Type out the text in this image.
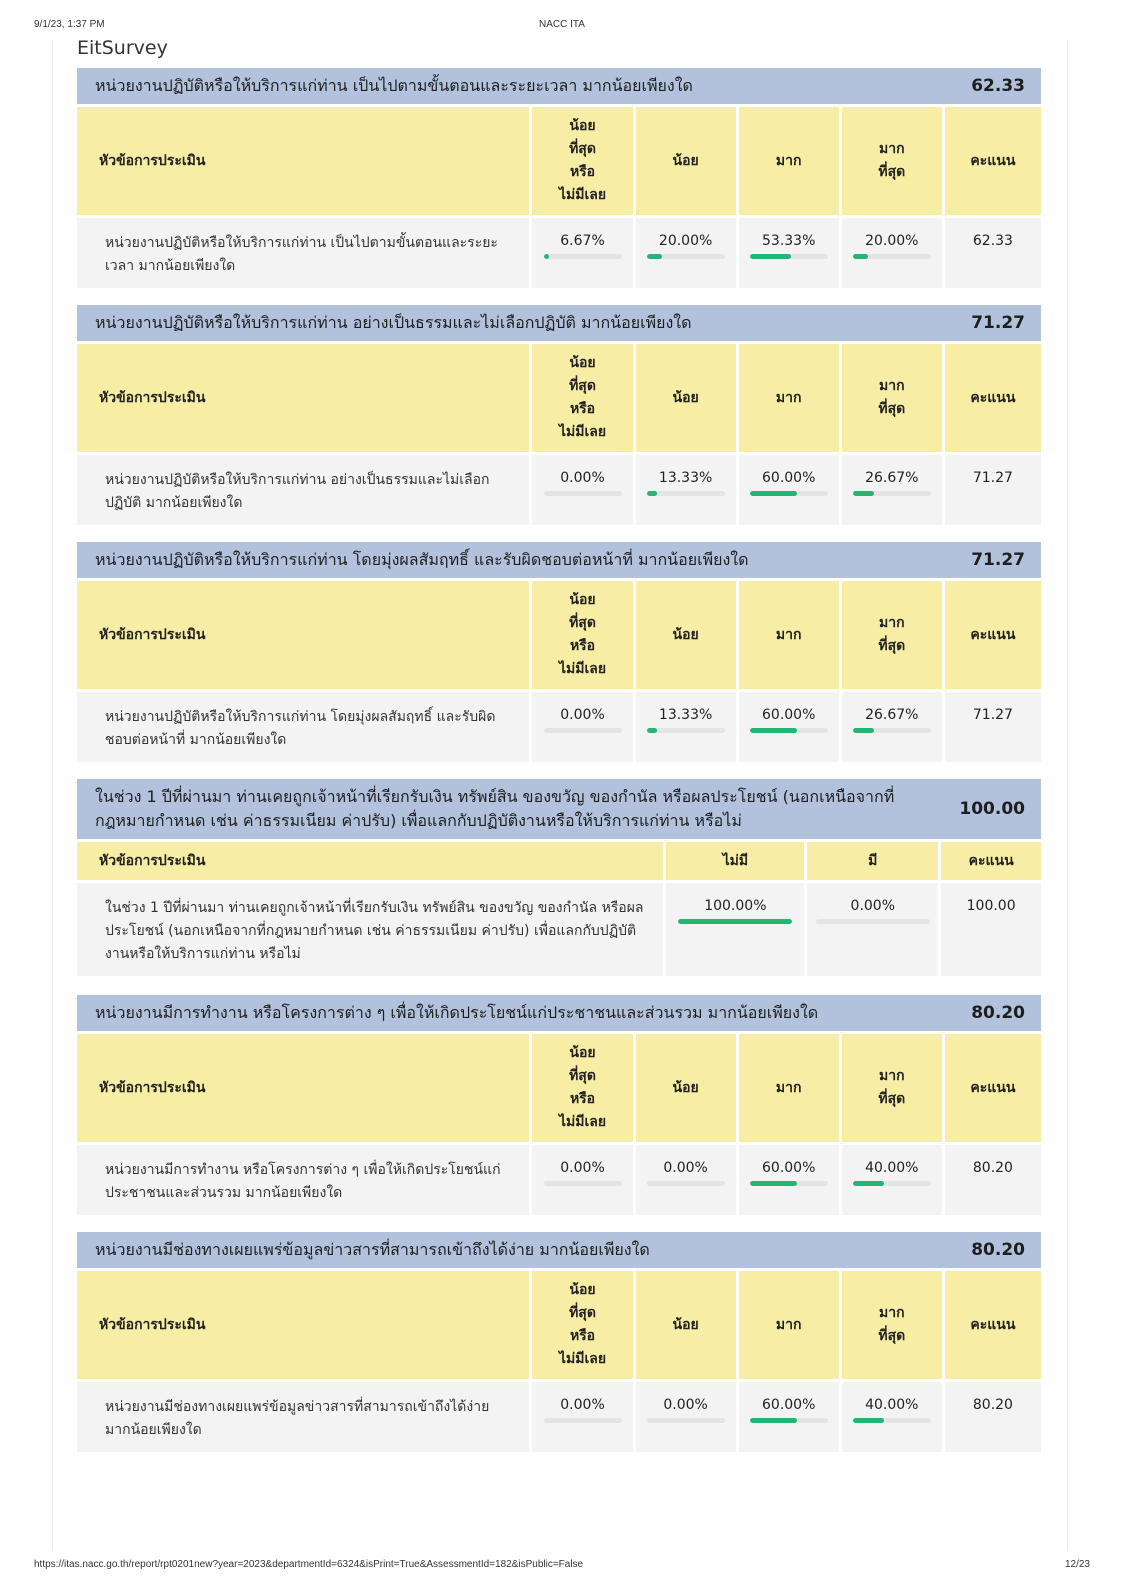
9/1/23, 1:37 PM	NACC ITA
EitSurvey
หน่วยงานปฏิบัติหรือให้บริการแก่ท่าน เป็นไปตามขั้นตอนและระยะเวลา มากน้อยเพียงใด	62.33
หัวข้อการประเมิน	น้อย
ที่สุด
หรือ
ไม่มีเลย	น้อย	มาก	มาก
ที่สุด	คะแนน
หน่วยงานปฏิบัติหรือให้บริการแก่ท่าน เป็นไปตามขั้นตอนและระยะเวลา มากน้อยเพียงใด	6.67%	20.00%	53.33%	20.00%	62.33
หน่วยงานปฏิบัติหรือให้บริการแก่ท่าน อย่างเป็นธรรมและไม่เลือกปฏิบัติ มากน้อยเพียงใด	71.27
หัวข้อการประเมิน	น้อย
ที่สุด
หรือ
ไม่มีเลย	น้อย	มาก	มาก
ที่สุด	คะแนน
หน่วยงานปฏิบัติหรือให้บริการแก่ท่าน อย่างเป็นธรรมและไม่เลือกปฏิบัติ มากน้อยเพียงใด	0.00%	13.33%	60.00%	26.67%	71.27
หน่วยงานปฏิบัติหรือให้บริการแก่ท่าน โดยมุ่งผลสัมฤทธิ์ และรับผิดชอบต่อหน้าที่ มากน้อยเพียงใด	71.27
หัวข้อการประเมิน	น้อย
ที่สุด
หรือ
ไม่มีเลย	น้อย	มาก	มาก
ที่สุด	คะแนน
หน่วยงานปฏิบัติหรือให้บริการแก่ท่าน โดยมุ่งผลสัมฤทธิ์ และรับผิดชอบต่อหน้าที่ มากน้อยเพียงใด	0.00%	13.33%	60.00%	26.67%	71.27
ในช่วง 1 ปีที่ผ่านมา ท่านเคยถูกเจ้าหน้าที่เรียกรับเงิน ทรัพย์สิน ของขวัญ ของกำนัล หรือผลประโยชน์ (นอกเหนือจากที่กฎหมายกำหนด เช่น ค่าธรรมเนียม ค่าปรับ) เพื่อแลกกับปฏิบัติงานหรือให้บริการแก่ท่าน หรือไม่
100.00
หัวข้อการประเมิน	ไม่มี	มี	คะแนน
ในช่วง 1 ปีที่ผ่านมา ท่านเคยถูกเจ้าหน้าที่เรียกรับเงิน ทรัพย์สิน ของขวัญ ของกำนัล หรือผลประโยชน์ (นอกเหนือจากที่กฎหมายกำหนด เช่น ค่าธรรมเนียม ค่าปรับ) เพื่อแลกกับปฏิบัติงานหรือให้บริการแก่ท่าน หรือไม่	100.00%	0.00%	100.00
หน่วยงานมีการทำงาน หรือโครงการต่าง ๆ เพื่อให้เกิดประโยชน์แก่ประชาชนและส่วนรวม มากน้อยเพียงใด	80.20
หัวข้อการประเมิน	น้อย
ที่สุด
หรือ
ไม่มีเลย	น้อย	มาก	มาก
ที่สุด	คะแนน
หน่วยงานมีการทำงาน หรือโครงการต่าง ๆ เพื่อให้เกิดประโยชน์แก่ประชาชนและส่วนรวม มากน้อยเพียงใด	0.00%	0.00%	60.00%	40.00%	80.20
หน่วยงานมีช่องทางเผยแพร่ข้อมูลข่าวสารที่สามารถเข้าถึงได้ง่าย มากน้อยเพียงใด	80.20
หัวข้อการประเมิน	น้อย
ที่สุด
หรือ
ไม่มีเลย	น้อย	มาก	มาก
ที่สุด	คะแนน
หน่วยงานมีช่องทางเผยแพร่ข้อมูลข่าวสารที่สามารถเข้าถึงได้ง่าย มากน้อยเพียงใด	0.00%	0.00%	60.00%	40.00%	80.20
https://itas.nacc.go.th/report/rpt0201new?year=2023&departmentId=6324&isPrint=True&AssessmentId=182&isPublic=False	12/23
